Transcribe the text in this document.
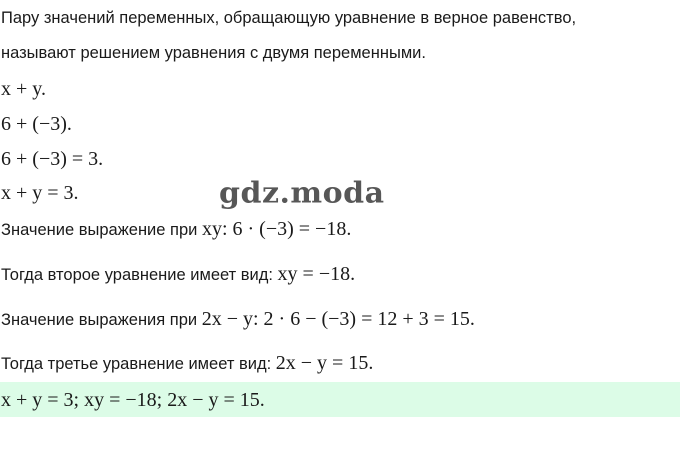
Пару значений переменных, обращающую уравнение в верное равенство,
называют решением уравнения с двумя переменными.
x + y.
6 + (−3).
6 + (−3) = 3.
x + y = 3.
Значение выражение при xy: 6 · (−3) = −18.
Тогда второе уравнение имеет вид: xy = −18.
Значение выражения при 2x − y: 2 · 6 − (−3) = 12 + 3 = 15.
Тогда третье уравнение имеет вид: 2x − y = 15.
x + y = 3; xy = −18; 2x − y = 15.
gdz.moda
